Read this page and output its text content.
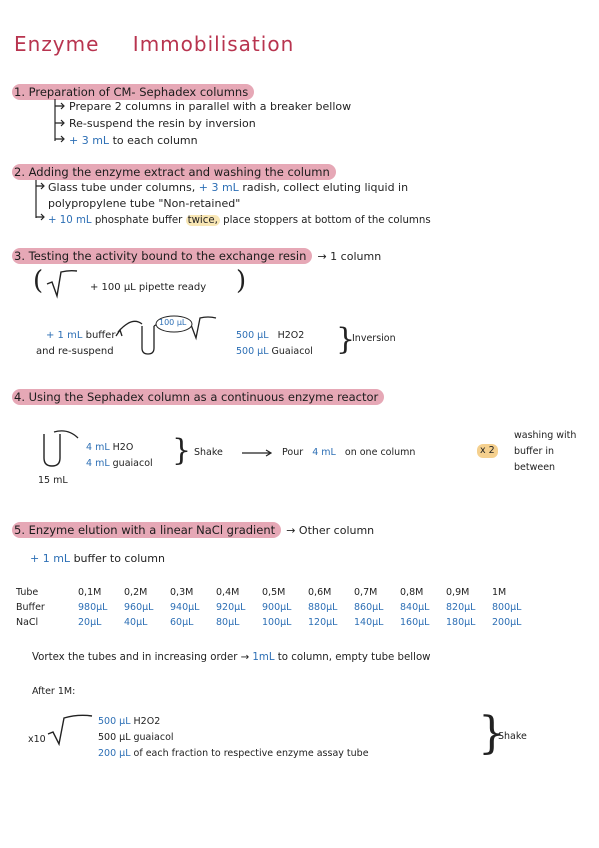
Enzyme Immobilisation
1. Preparation of CM- Sephadex columns
Prepare 2 columns in parallel with a breaker bellow
Re-suspend the resin by inversion
+ 3 mL to each column
2. Adding the enzyme extract and washing the column
Glass tube under columns, + 3 mL radish, collect eluting liquid in
polypropylene tube "Non-retained"
+ 10 mL phosphate buffer twice, place stoppers at bottom of the columns
3. Testing the activity bound to the exchange resin → 1 column
(	+ 100 µL pipette ready )
+ 1 mL buffer
and re-suspend
100 µL
500 µL H2O2
500 µL Guaiacol }
Inversion
4. Using the Sephadex column as a continuous enzyme reactor
4 mL H2O
4 mL guaiacol
15 mL
} Shake	Pour 4 mL on one column	x 2
washing with
buffer in
between
5. Enzyme elution with a linear NaCl gradient → Other column
+ 1 mL buffer to column
Tube	0,1M	0,2M	0,3M	0,4M	0,5M	0,6M	0,7M	0,8M	0,9M	1M
Buffer	980µL	960µL	940µL	920µL	900µL	880µL	860µL	840µL	820µL	800µL
NaCl	20µL	40µL	60µL	80µL	100µL	120µL	140µL	160µL	180µL	200µL
Vortex the tubes and in increasing order → 1mL to column, empty tube bellow
After 1M:
x10
500 µL H2O2
500 µL guaiacol
200 µL of each fraction to respective enzyme assay tube }
Shake
